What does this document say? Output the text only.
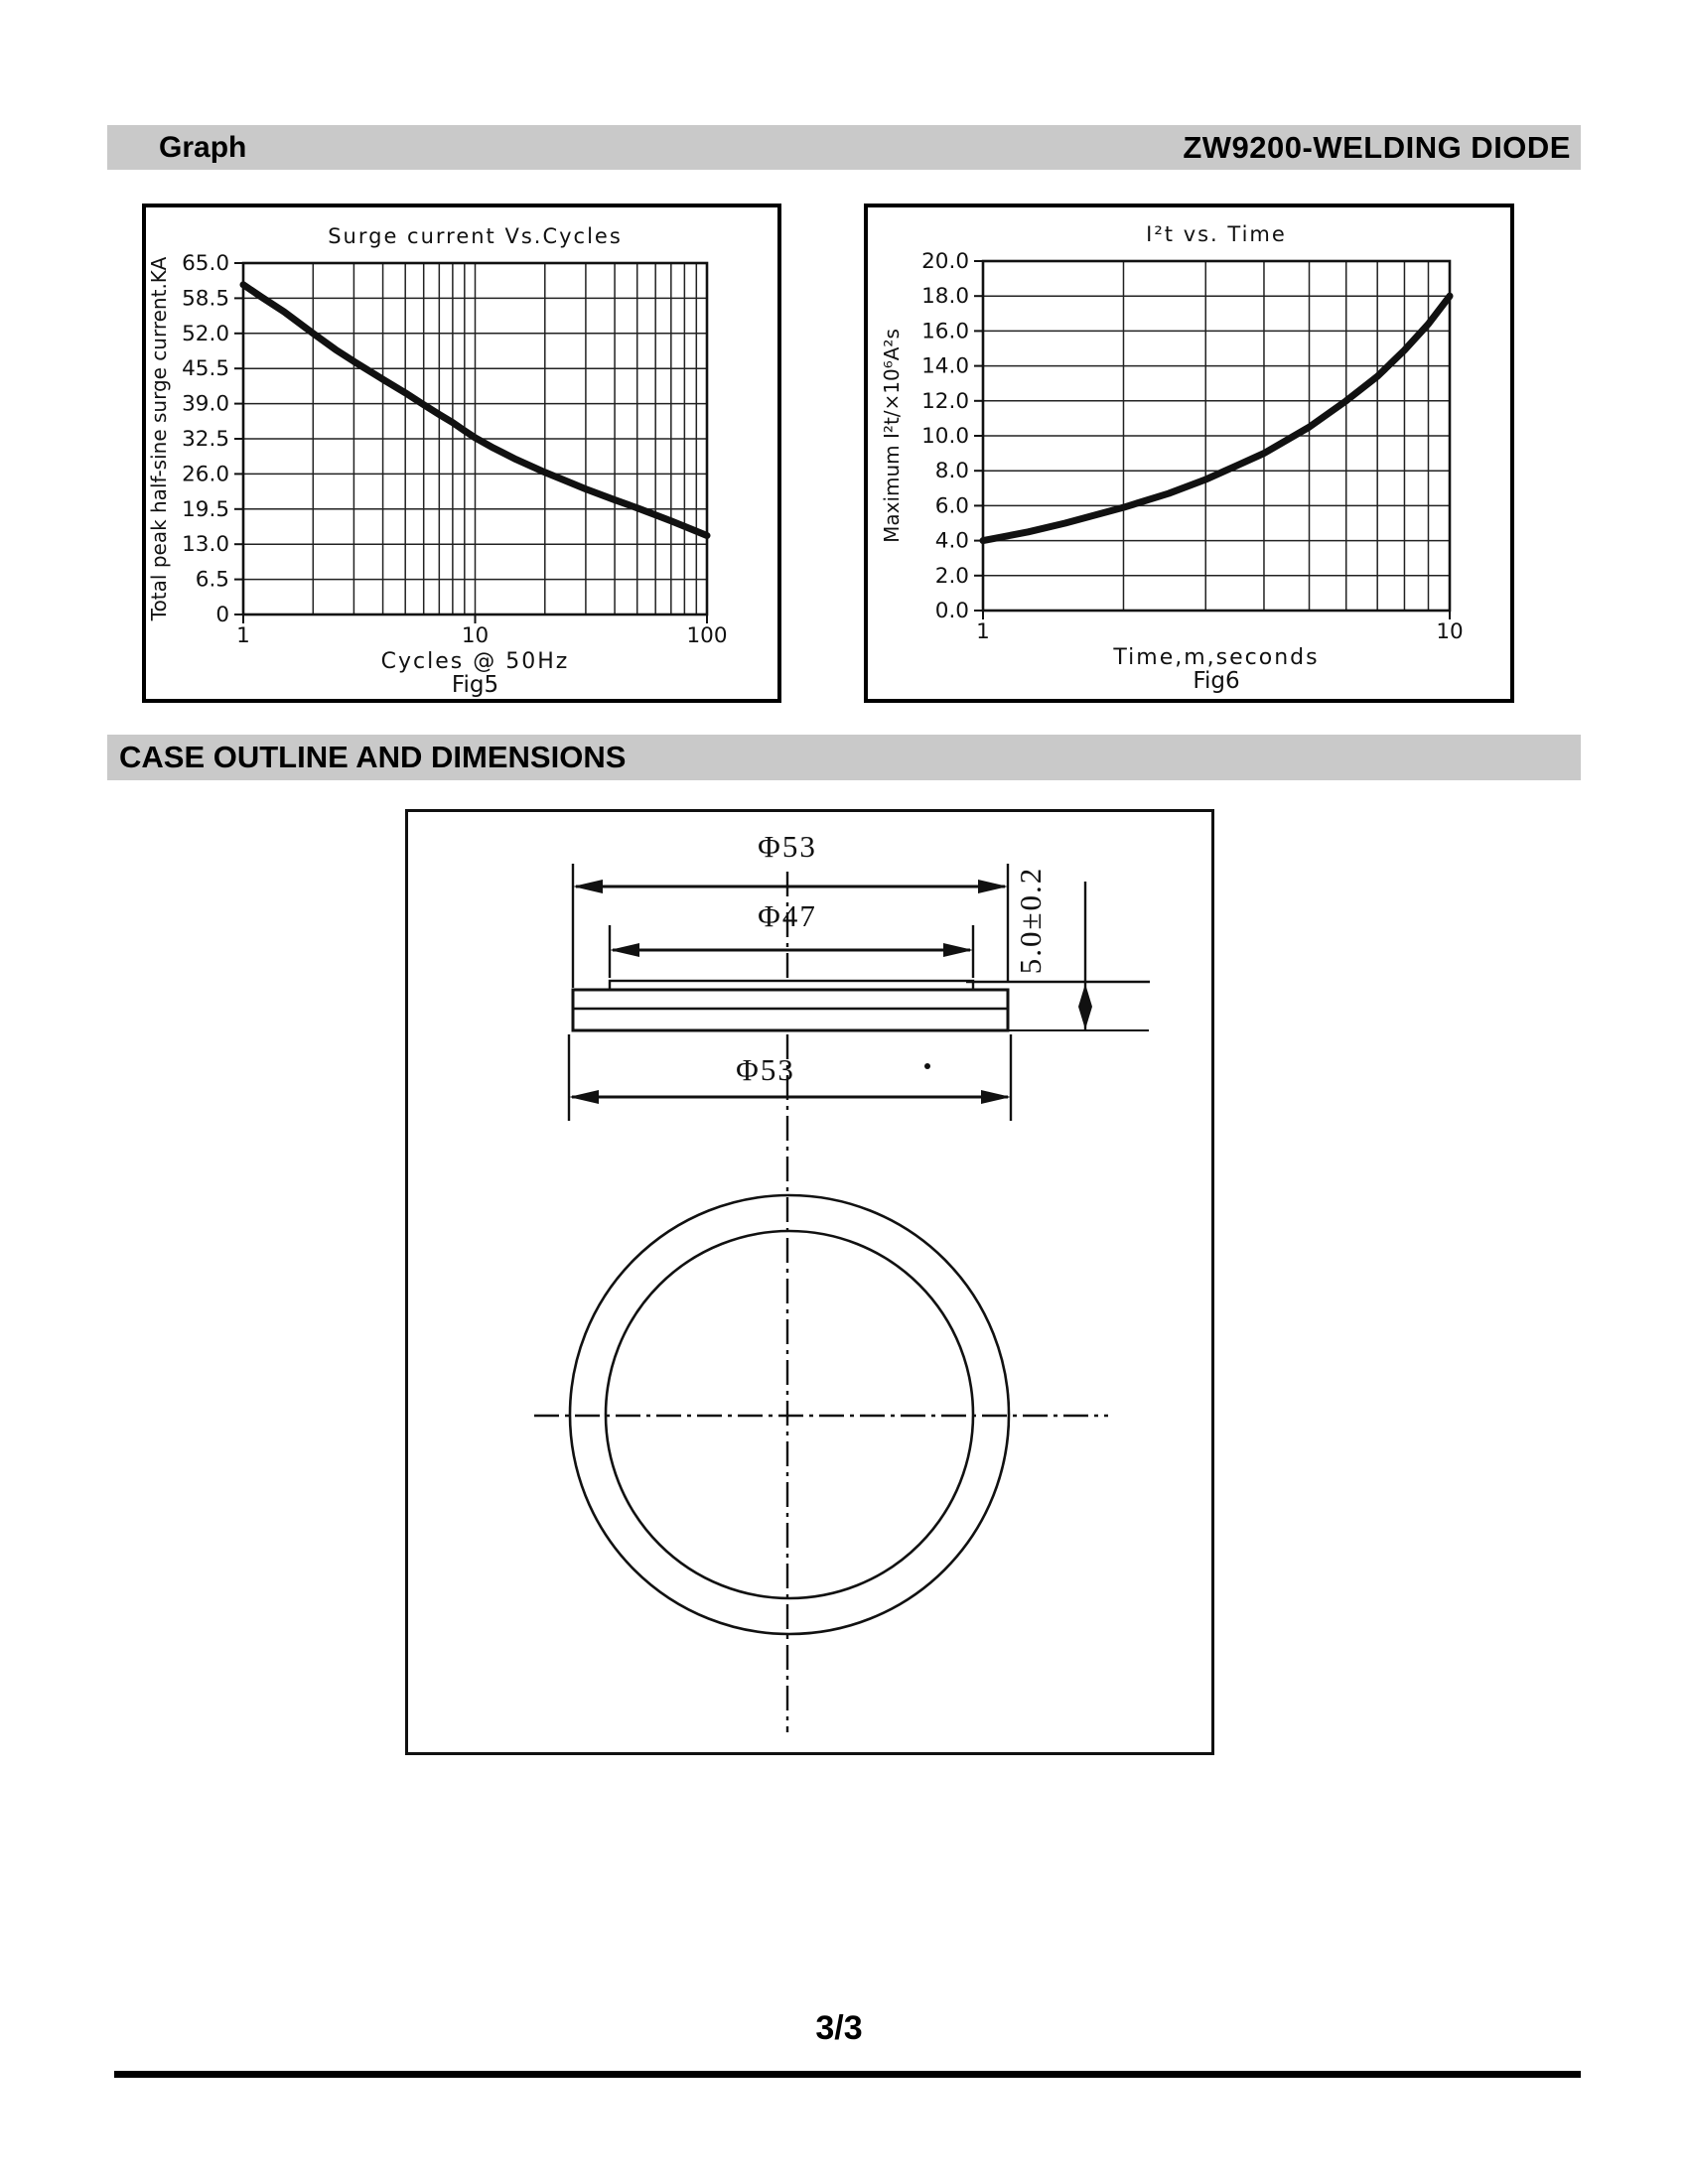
Graph	ZW9200-WELDING DIODE
0
6.5
13.0
19.5
26.0
32.5
39.0
45.5
52.0
58.5
65.0
1	10	100
Surge current Vs.Cycles
Cycles @ 50Hz
Fig5
Total peak half-sine surge current.KA	0.0
2.0
4.0
6.0
8.0
10.0
12.0
14.0
16.0
18.0
20.0
1	10
I²t vs. Time
Time,m,seconds
Fig6
Maximum I²t/×10⁶A²s
CASE OUTLINE AND DIMENSIONS
Φ53
Φ47	5.0±0.2
Φ53
3/3
